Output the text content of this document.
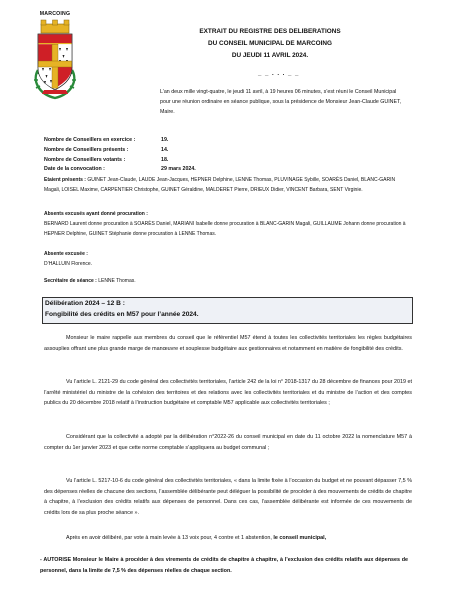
MARCOING
EXTRAIT DU REGISTRE DES DELIBERATIONS
DU CONSEIL MUNICIPAL DE MARCOING
DU JEUDI 11 AVRIL 2024.
_ _ . . . _ _
L’an deux mille vingt-quatre, le jeudi 11 avril, à 19 heures 06 minutes, s’est réuni le Conseil Municipal pour une réunion ordinaire en séance publique, sous la présidence de Monsieur Jean-Claude GUINET, Maire.
Nombre de Conseillers en exercice :	19.
Nombre de Conseillers présents :	14.
Nombre de Conseillers votants :	18.
Date de la convocation :	29 mars 2024.
Etaient présents : GUINET Jean-Claude, LAUDE Jean-Jacques, HEPNER Delphine, LENNE Thomas, PLUVINAGE Sybille, SOARÈS Daniel, BLANC-GARIN Magali, LOISEL Maxime, CARPENTIER Christophe, GUINET Géraldine, MALDERET Pierre, DRIEUX Didier, VINCENT Barbara, SENT Virginie.
Absents excusés ayant donné procuration :
BERNARD Laurent donne procuration à SOARÈS Daniel, MARIANI Isabelle donne procuration à BLANC-GARIN Magali, GUILLAUME Johann donne procuration à HEPNER Delphine, GUINET Stéphanie donne procuration à LENNE Thomas.
Absente excusée :
D’HALLUIN Florence.
Secrétaire de séance : LENNE Thomas.
Délibération 2024 – 12 B :
Fongibilité des crédits en M57 pour l’année 2024.
Monsieur le maire rappelle aux membres du conseil que le référentiel M57 étend à toutes les collectivités territoriales les règles budgétaires assouplies offrant une plus grande marge de manœuvre et souplesse budgétaire aux gestionnaires et notamment en matière de fongibilité des crédits.
Vu l’article L. 2121-29 du code général des collectivités territoriales, l’article 242 de la loi n° 2018-1317 du 28 décembre de finances pour 2019 et l’arrêté ministériel du ministre de la cohésion des territoires et des relations avec les collectivités territoriales et du ministre de l’action et des comptes publics du 20 décembre 2018 relatif à l’instruction budgétaire et comptable M57 applicable aux collectivités territoriales ;
Considérant que la collectivité a adopté par la délibération n°2022-26 du conseil municipal en date du 11 octobre 2022 la nomenclature M57 à compter du 1er janvier 2023 et que cette norme comptable s’appliquera au budget communal ;
Vu l’article L. 5217-10-6 du code général des collectivités territoriales, « dans la limite fixée à l’occasion du budget et ne pouvant dépasser 7,5 % des dépenses réelles de chacune des sections, l’assemblée délibérante peut déléguer la possibilité de procéder à des mouvements de crédits de chapitre à chapitre, à l’exclusion des crédits relatifs aux dépenses de personnel. Dans ces cas, l’assemblée délibérante est informée de ces mouvements de crédits lors de sa plus proche séance ».
Après en avoir délibéré, par vote à main levée à 13 voix pour, 4 contre et 1 abstention, le conseil municipal,
- AUTORISE Monsieur le Maire à procéder à des virements de crédits de chapitre à chapitre, à l’exclusion des crédits relatifs aux dépenses de personnel, dans la limite de 7,5 % des dépenses réelles de chaque section.
